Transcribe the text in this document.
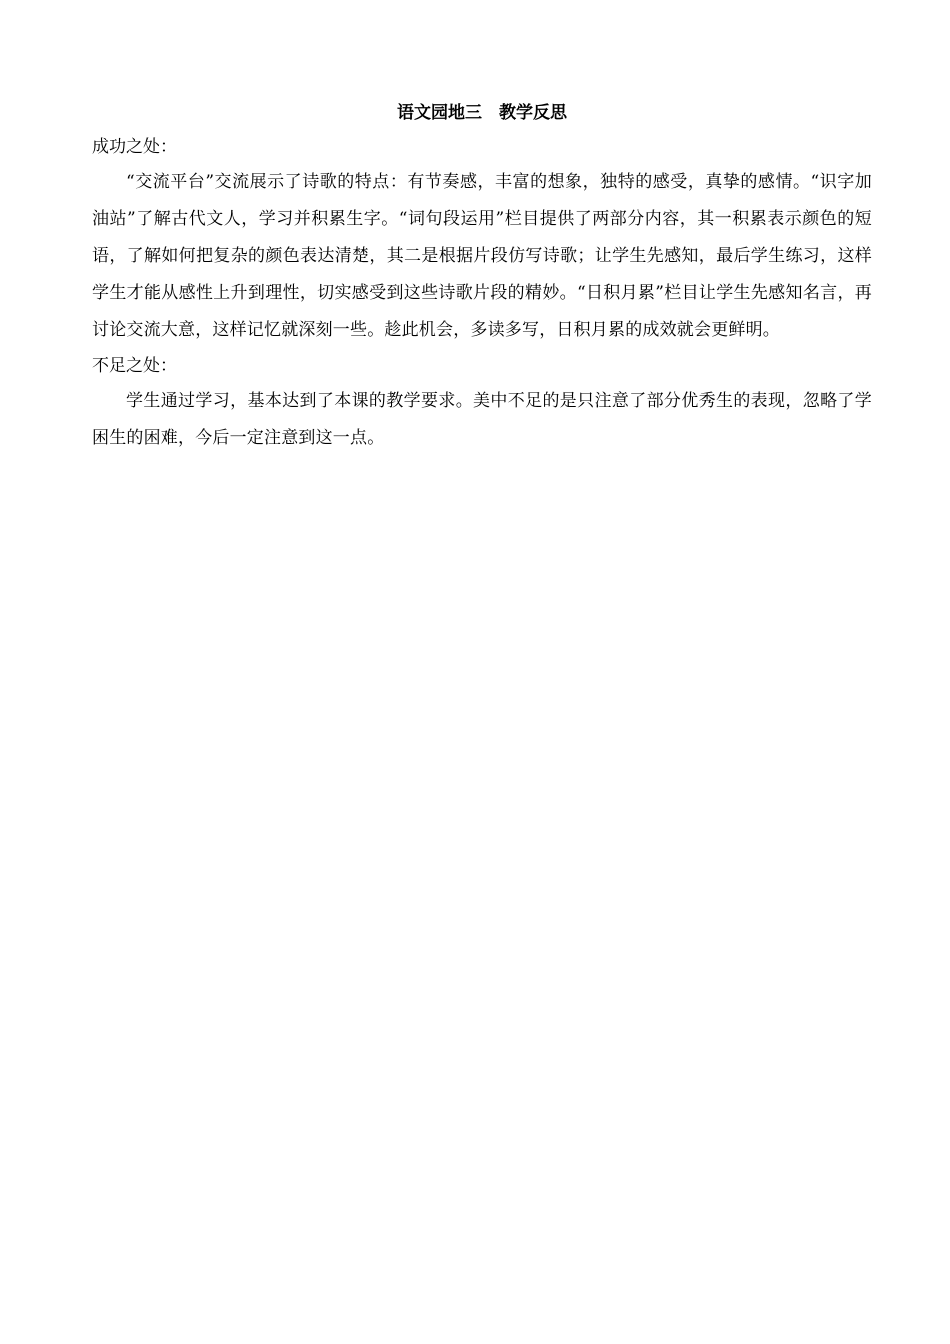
语文园地三　教学反思

成功之处：

“交流平台”交流展示了诗歌的特点：有节奏感，丰富的想象，独特的感受，真挚的感情。“识字加油站”了解古代文人，学习并积累生字。“词句段运用”栏目提供了两部分内容，其一积累表示颜色的短语，了解如何把复杂的颜色表达清楚，其二是根据片段仿写诗歌；让学生先感知，最后学生练习，这样学生才能从感性上升到理性，切实感受到这些诗歌片段的精妙。“日积月累”栏目让学生先感知名言，再讨论交流大意，这样记忆就深刻一些。趁此机会，多读多写，日积月累的成效就会更鲜明。

不足之处：

学生通过学习，基本达到了本课的教学要求。美中不足的是只注意了部分优秀生的表现，忽略了学困生的困难，今后一定注意到这一点。
